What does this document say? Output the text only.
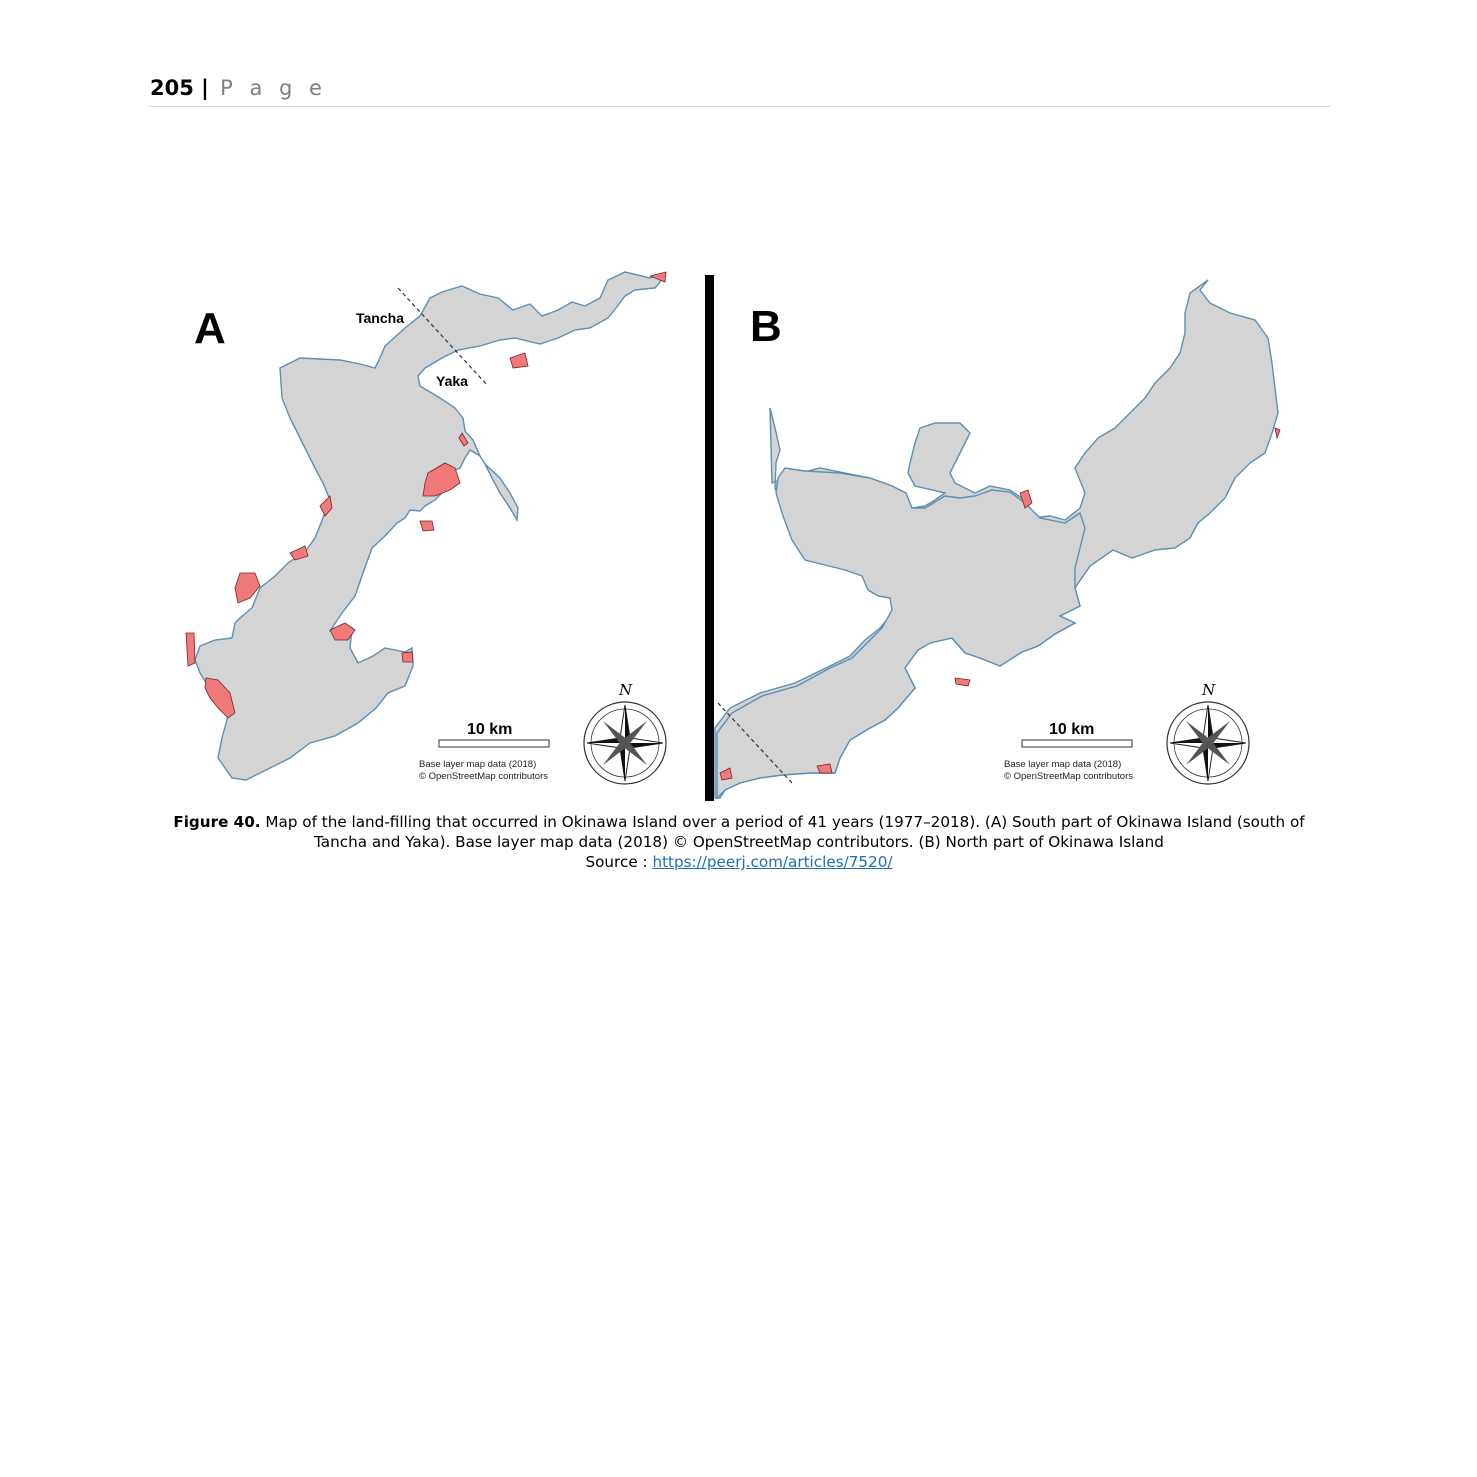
205 | P a g e
A	Tancha
Yaka
10 km
Base layer map data (2018)
© OpenStreetMap contributors
N
B
10 km
Base layer map data (2018)
© OpenStreetMap contributors
N
Figure 40. Map of the land-filling that occurred in Okinawa Island over a period of 41 years (1977–2018). (A) South part of Okinawa Island (south of Tancha and Yaka). Base layer map data (2018) © OpenStreetMap contributors. (B) North part of Okinawa Island
Source : https://peerj.com/articles/7520/
